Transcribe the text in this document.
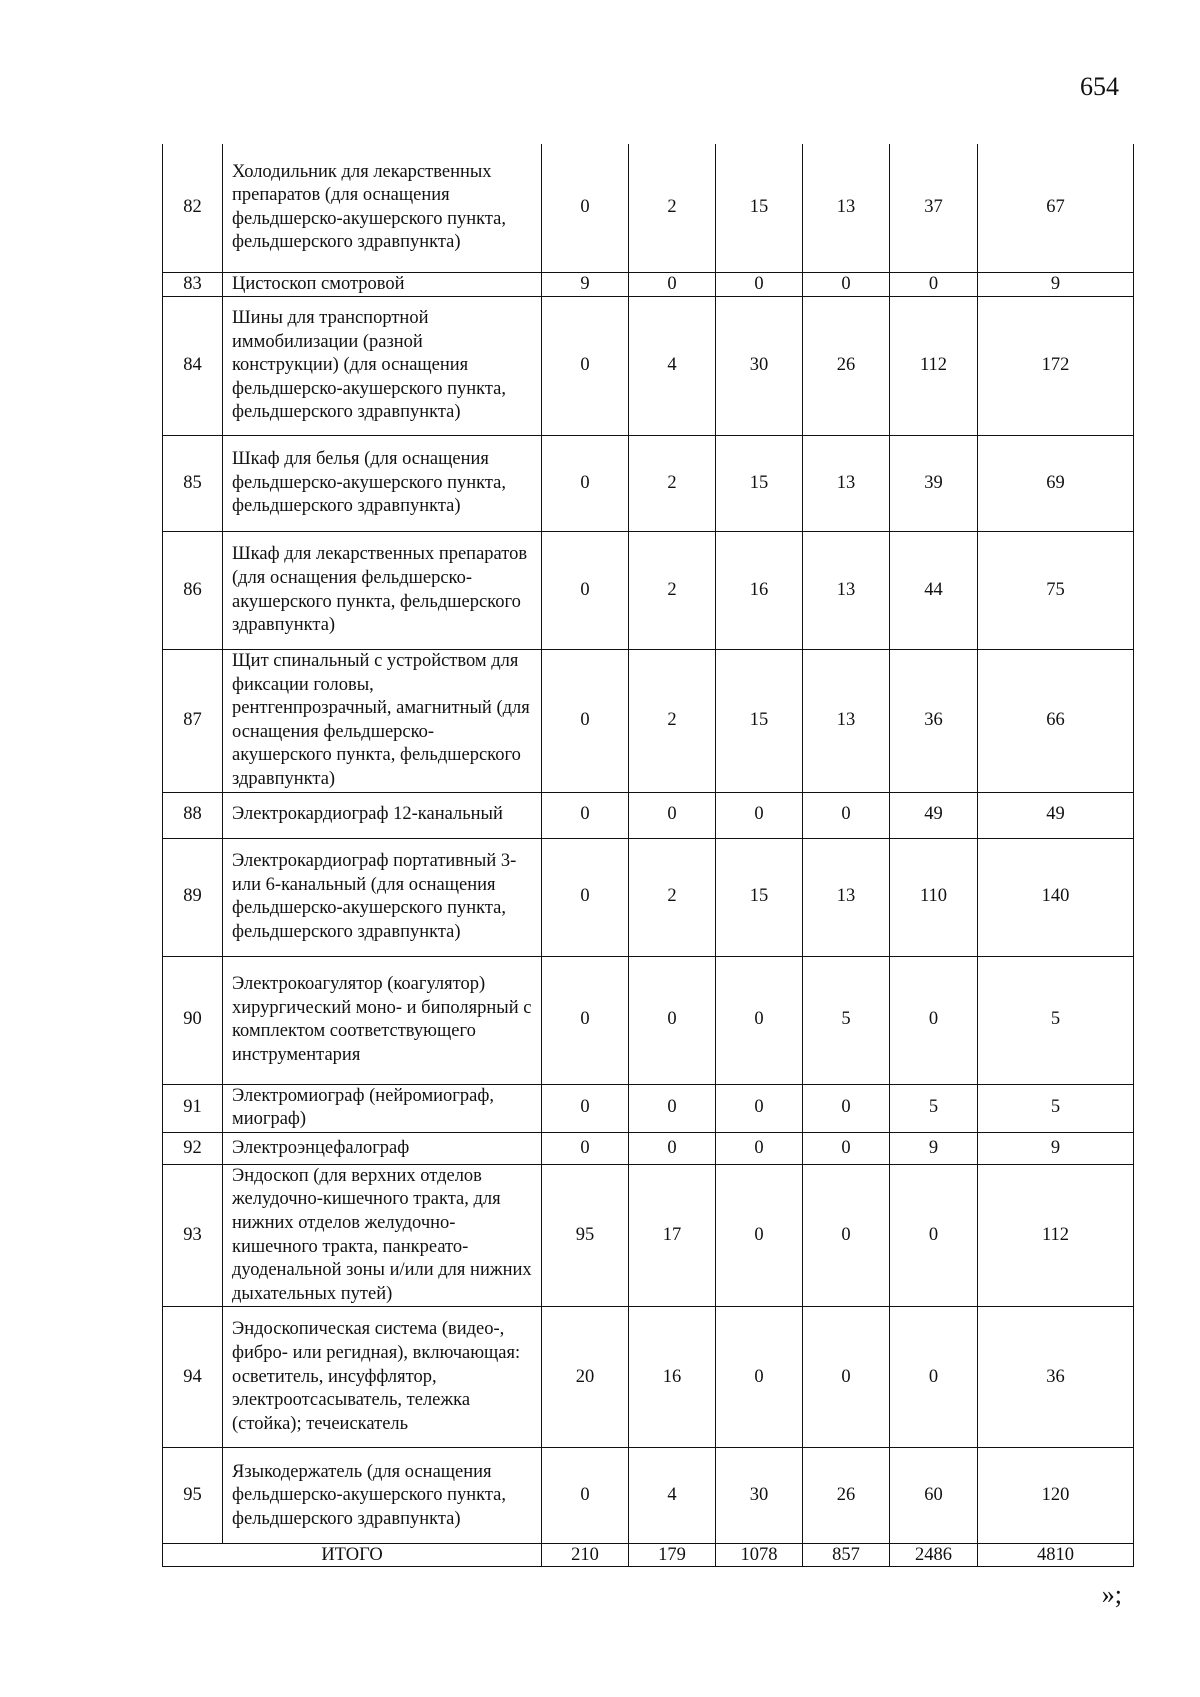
654
82	Холодильник для лекарственных препаратов (для оснащения фельдшерско-акушерского пункта, фельдшерского здравпункта)	0	2	15	13	37	67
83	Цистоскоп смотровой	9	0	0	0	0	9
84	Шины для транспортной иммобилизации (разной конструкции) (для оснащения фельдшерско-акушерского пункта, фельдшерского здравпункта)	0	4	30	26	112	172
85	Шкаф для белья (для оснащения фельдшерско-акушерского пункта, фельдшерского здравпункта)	0	2	15	13	39	69
86	Шкаф для лекарственных препаратов (для оснащения фельдшерско-акушерского пункта, фельдшерского здравпункта)	0	2	16	13	44	75
87	Щит спинальный с устройством для фиксации головы, рентгенпрозрачный, амагнитный (для оснащения фельдшерско-акушерского пункта, фельдшерского здравпункта)	0	2	15	13	36	66
88	Электрокардиограф 12-канальный	0	0	0	0	49	49
89	Электрокардиограф портативный 3- или 6-канальный (для оснащения фельдшерско-акушерского пункта, фельдшерского здравпункта)	0	2	15	13	110	140
90	Электрокоагулятор (коагулятор) хирургический моно- и биполярный с комплектом соответствующего инструментария	0	0	0	5	0	5
91	Электромиограф (нейромиограф, миограф)	0	0	0	0	5	5
92	Электроэнцефалограф	0	0	0	0	9	9
93	Эндоскоп (для верхних отделов желудочно-кишечного тракта, для нижних отделов желудочно-кишечного тракта, панкреато-дуоденальной зоны и/или для нижних дыхательных путей)	95	17	0	0	0	112
94	Эндоскопическая система (видео-, фибро- или регидная), включающая: осветитель, инсуффлятор, электроотсасыватель, тележка (стойка); течеискатель	20	16	0	0	0	36
95	Языкодержатель (для оснащения фельдшерско-акушерского пункта, фельдшерского здравпункта)	0	4	30	26	60	120
ИТОГО		210	179	1078	857	2486	4810
»;
